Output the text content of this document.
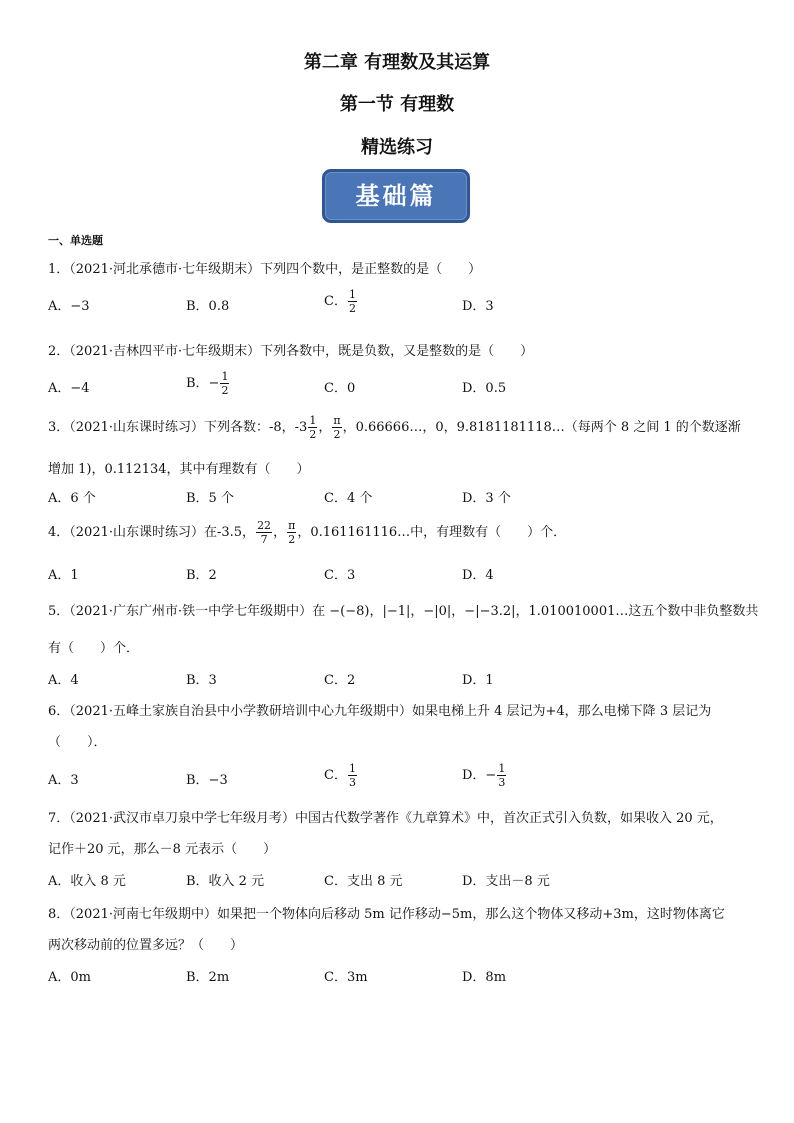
第二章 有理数及其运算
第一节 有理数
精选练习
基础篇
一、单选题
1．（2021·河北承德市·七年级期末）下列四个数中，是正整数的是（　　）
A．−3	B．0.8	C． $\frac{1}{2}$	D．3
2．（2021·吉林四平市·七年级期末）下列各数中，既是负数，又是整数的是（　　）
A．−4	B．− $\frac{1}{2}$	C．0	D．0.5
3．（2021·山东课时练习）下列各数：-8，$-3 \frac{1}{2}$ ， $\frac{\pi}{2}$ ，0.66666…，0，9.8181181118…（每两个 8 之间 1 的个数逐渐
增加 1)，0.112134，其中有理数有（　　）
A．6 个	B．5 个	C．4 个	D．3 个
4．（2021·山东课时练习）在-3.5， $\frac{22}{7}$ ， $\frac{\pi}{2}$ ，0.161161116…中，有理数有（　　）个．
A．1	B．2	C．3	D．4
5．（2021·广东广州市·铁一中学七年级期中）在 −(−8)，|−1|，−|0|，−|−3.2|，1.010010001…这五个数中非负整数共
有（　　）个．
A．4	B．3	C．2	D．1
6．（2021·五峰土家族自治县中小学教研培训中心九年级期中）如果电梯上升 4 层记为+4，那么电梯下降 3 层记为
（　　）．
A．3	B．−3	C． $\frac{1}{3}$	D．− $\frac{1}{3}$
7．（2021·武汉市卓刀泉中学七年级月考）中国古代数学著作《九章算术》中，首次正式引入负数，如果收入 20 元，
记作＋20 元，那么－8 元表示（　　）
A．收入 8 元	B．收入 2 元	C．支出 8 元	D．支出－8 元
8．（2021·河南七年级期中）如果把一个物体向后移动 5m 记作移动−5m，那么这个物体又移动+3m，这时物体离它
两次移动前的位置多远？（　　）
A．0m	B．2m	C．3m	D．8m
